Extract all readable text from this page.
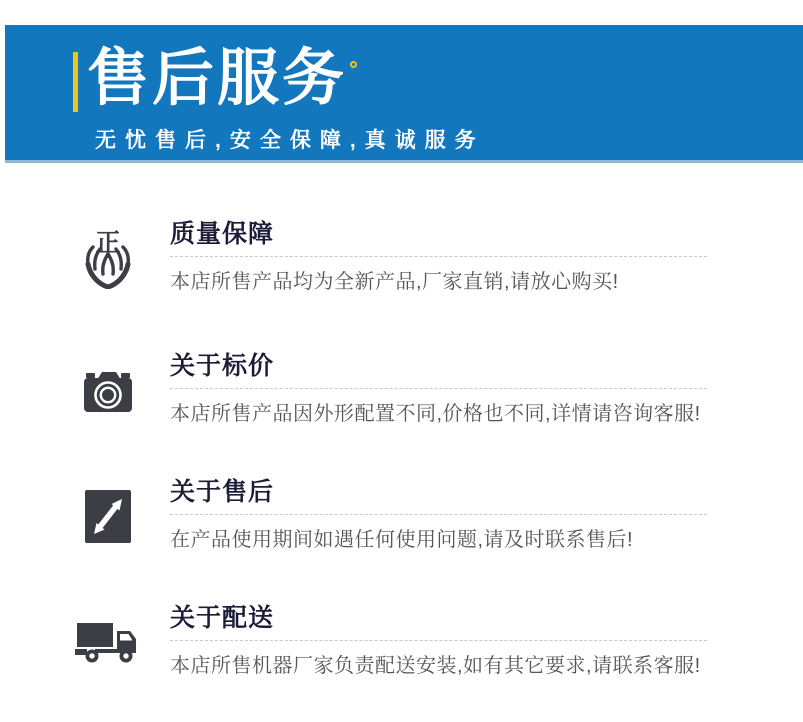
售后服务
无忧售后,安全保障,真诚服务
正 质量保障
本店所售产品均为全新产品,厂家直销,请放心购买!
关于标价
本店所售产品因外形配置不同,价格也不同,详情请咨询客服!
关于售后
在产品使用期间如遇任何使用问题,请及时联系售后!
关于配送
本店所售机器厂家负责配送安装,如有其它要求,请联系客服!
